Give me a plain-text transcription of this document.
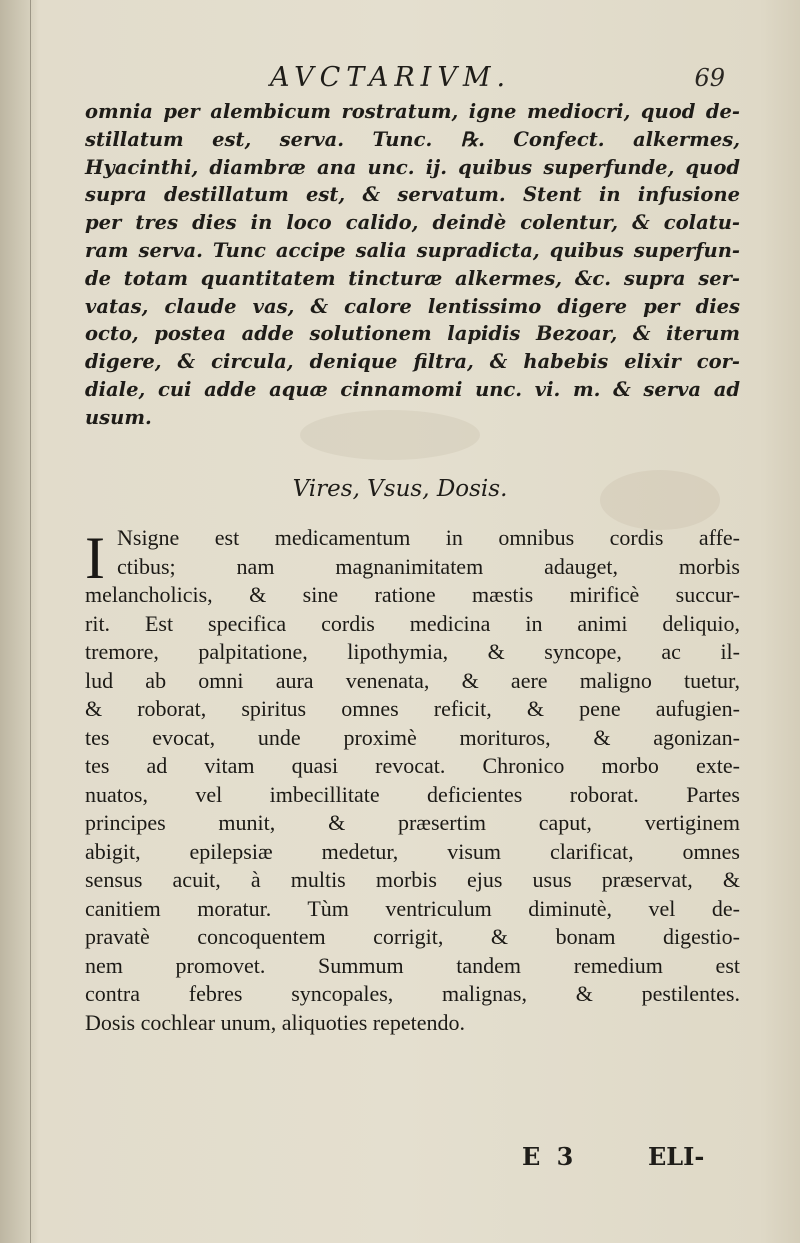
AVCTARIVM.	69
omnia per alembicum rostratum, igne mediocri, quod de-
stillatum est, serva. Tunc. ℞. Confect. alkermes,
Hyacinthi, diambræ ana unc. ij. quibus superfunde, quod
supra destillatum est, & servatum. Stent in infusione
per tres dies in loco calido, deindè colentur, & colatu-
ram serva. Tunc accipe salia supradicta, quibus superfun-
de totam quantitatem tincturæ alkermes, &c. supra ser-
vatas, claude vas, & calore lentissimo digere per dies
octo, postea adde solutionem lapidis Bezoar, & iterum
digere, & circula, denique filtra, & habebis elixir cor-
diale, cui adde aquæ cinnamomi unc. vi. m. & serva ad
usum.
Vires, Vsus, Dosis.
I Nsigne est medicamentum in omnibus cordis affe-
ctibus; nam magnanimitatem adauget, morbis
melancholicis, & sine ratione mæstis mirificè succur-
rit. Est specifica cordis medicina in animi deliquio,
tremore, palpitatione, lipothymia, & syncope, ac il-
lud ab omni aura venenata, & aere maligno tuetur,
& roborat, spiritus omnes reficit, & pene aufugien-
tes evocat, unde proximè morituros, & agonizan-
tes ad vitam quasi revocat. Chronico morbo exte-
nuatos, vel imbecillitate deficientes roborat. Partes
principes munit, & præsertim caput, vertiginem
abigit, epilepsiæ medetur, visum clarificat, omnes
sensus acuit, à multis morbis ejus usus præservat, &
canitiem moratur. Tùm ventriculum diminutè, vel de-
pravatè concoquentem corrigit, & bonam digestio-
nem promovet. Summum tandem remedium est
contra febres syncopales, malignas, & pestilentes.
Dosis cochlear unum, aliquoties repetendo.
E 3	ELI-
